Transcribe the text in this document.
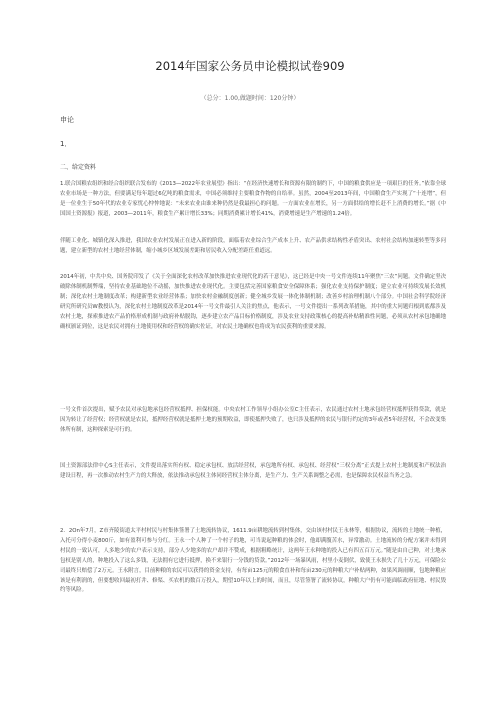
2014年国家公务员申论模拟试卷909
（总分：1.00,做题时间：120分钟）
申论
1．
二、给定资料

1.联合国粮农组织和经合组织联合发布的《2013—2022年农业展望》指出：“在经济快速增长和资源有限的制约下，中国的粮食供应是一项艰巨的任务。”依靠全球农业市场是一种方法，但要满足每年超过6亿吨的粮食需求，中国必须维持主要粮食作物的自给率。虽然，2004至2013年间，中国粮食生产实现了“十连增”，但是一位业生于50年代的农业专家忧心忡忡地说：“未来农业由谁来种仍然是我最担心的问题。一方面农业在增长，另一方面供给的增长赶不上消费的增长。”据《中国国土资源报》报道，2003—2011年，粮食生产累计增长33%；同期消费累计增长41%，消费增速是生产增速的1.24倍。

伴随工业化、城镇化深入推进，我国农业农村发展正在进入新的阶段，面临着农业综合生产成本上升、农产品供求结构性矛盾突出、农村社会结构加速转型等多问题，建立新型的农村土地经营体制，缩小城乡区域发展差距和居民收入分配差距任重道远。

2014年初，中共中央、国务院印发了《关于全面深化农村改革加快推进农业现代化的若干意见》，这已经是中央一号文件连续11年聚焦“三农”问题。文件确定坚决破除体制机制弊端，坚持农业基础地位不动摇，加快推进农业现代化。主要包括完善国家粮食安全保障体系；强化农业支持保护制度；建立农业可持续发展长效机制；深化农村土地制度改革；构建新型农业经营体系；加快农村金融制度创新；健全城乡发展一体化体制机制；改善乡村治理机制八个部分。中国社会科学院经济研究所研究员W教授认为，深化农村土地制度改革是2014年一号文件最引人关注的焦点，他表示，一号文件提出一系列改革措施，其中的重大问题归根到底都涉及农村土地，探索推进农产品价格形成机制与政府补贴脱钩，逐步建立农产品目标价格制度，涉及农业支持政策核心的提高补贴精准性问题，必须从农村承包地确地确权颁证到位，这是农民对拥有土地使用权和经营权的确实佐证，对农民土地确权也将成为农民获利的重要来源。

一号文件首次提出，赋予农民对承包地承包经营权抵押、担保权能。中央农村工作领导小组办公室C主任表示，农民通过农村土地承包经营权抵押获得贷款，就是因为转让了经营权；经营权就是农民，抵押经营权就是抵押土地的预期收益，即使抵押失败了，也只涉及抵押的农民与银行约定的3年或者5年经营权，不会改变集体所有制，这种探索是可行的。

国土资源部法律中心S主任表示，文件提出落实所有权、稳定承包权、放活经营权，承包地所有权、承包权、经营权“三权分离”正式提上农村土地制度和产权法治建设日程，再一次推动农村生产力的大释放，依法推动承包权主体同经营权主体分离，是生产力、生产关系调整之必需，也是保障农民权益当务之急。

2．2On年7月，Z市齐陵街道太平村村民与村集体签署了土地流转协议，1611.9亩耕地流转到村集体，交由该村村民王永林等，根据协议，流转的土地统一种植，入托可分得小麦800斤，如有盈利可参与分红。王永一个人种了一个村子的地，可当说起种粮的体会时，他却满腹苦水，异常激动。土地流转的分配方案并未得到村民的一致认可，人多地少的农户表示支持，部分人少地多的农户却并不赞成，根据粗略统计，这两年王永种地的投入已有四五百万元。”随是由自己种，对土地承包权是别人的，种地投入了这么多钱，无法拥有它进行抵押，换不来银行一分钱的贷款。”2012年一场暴风雨，村里小麦倒伏，致使王永损失了几十万元，可保险公司最终只赔偿了2万元。王永附言，目前种粮的农民可以获得的资金支持，有每亩125元的粮食直补和每亩230元的种粮大户补贴两种，如果风调雨顺，包地种粮应该是有利润的，但要想收回最初打井、修渠、买农机的数百万投入，期望10年以上的时间，而且，尽管签署了流转协议，种粮大户仍有可能面临政府征地、村民毁约等风险。
